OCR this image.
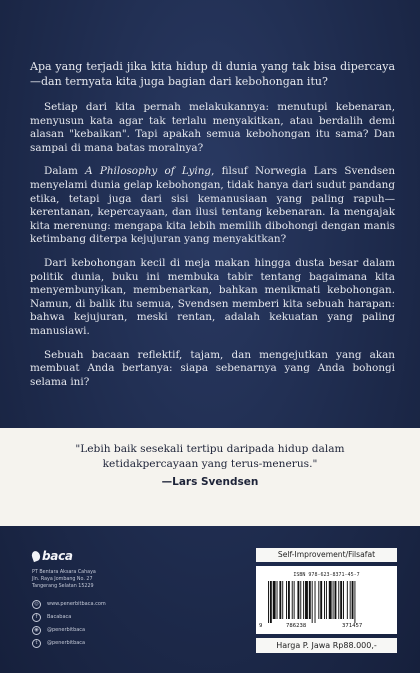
Apa yang terjadi jika kita hidup di dunia yang tak bisa dipercaya—dan ternyata kita juga bagian dari kebohongan itu?

Setiap dari kita pernah melakukannya: menutupi kebenaran, menyusun kata agar tak terlalu menyakitkan, atau berdalih demi alasan "kebaikan". Tapi apakah semua kebohongan itu sama? Dan sampai di mana batas moralnya?

Dalam A Philosophy of Lying, filsuf Norwegia Lars Svendsen menyelami dunia gelap kebohongan, tidak hanya dari sudut pandang etika, tetapi juga dari sisi kemanusiaan yang paling rapuh—kerentanan, kepercayaan, dan ilusi tentang kebenaran. Ia mengajak kita merenung: mengapa kita lebih memilih dibohongi dengan manis ketimbang diterpa kejujuran yang menyakitkan?

Dari kebohongan kecil di meja makan hingga dusta besar dalam politik dunia, buku ini membuka tabir tentang bagaimana kita menyembunyikan, membenarkan, bahkan menikmati kebohongan. Namun, di balik itu semua, Svendsen memberi kita sebuah harapan: bahwa kejujuran, meski rentan, adalah kekuatan yang paling manusiawi.

Sebuah bacaan reflektif, tajam, dan mengejutkan yang akan membuat Anda bertanya: siapa sebenarnya yang Anda bohongi selama ini?

"Lebih baik sesekali tertipu daripada hidup dalam ketidakpercayaan yang terus-menerus."
—Lars Svendsen
baca
PT Bentara Aksara Cahaya
Jln. Raya Jombang No. 27
Tangerang Selatan 15229
◎	www.penerbitbaca.com
f	Bacabaca
◉	@penerbitbaca
t	@penerbitbaca
Self-Improvement/Filsafat
ISBN 978-623-8371-45-7
9	786238	371457
Harga P. Jawa Rp88.000,-
